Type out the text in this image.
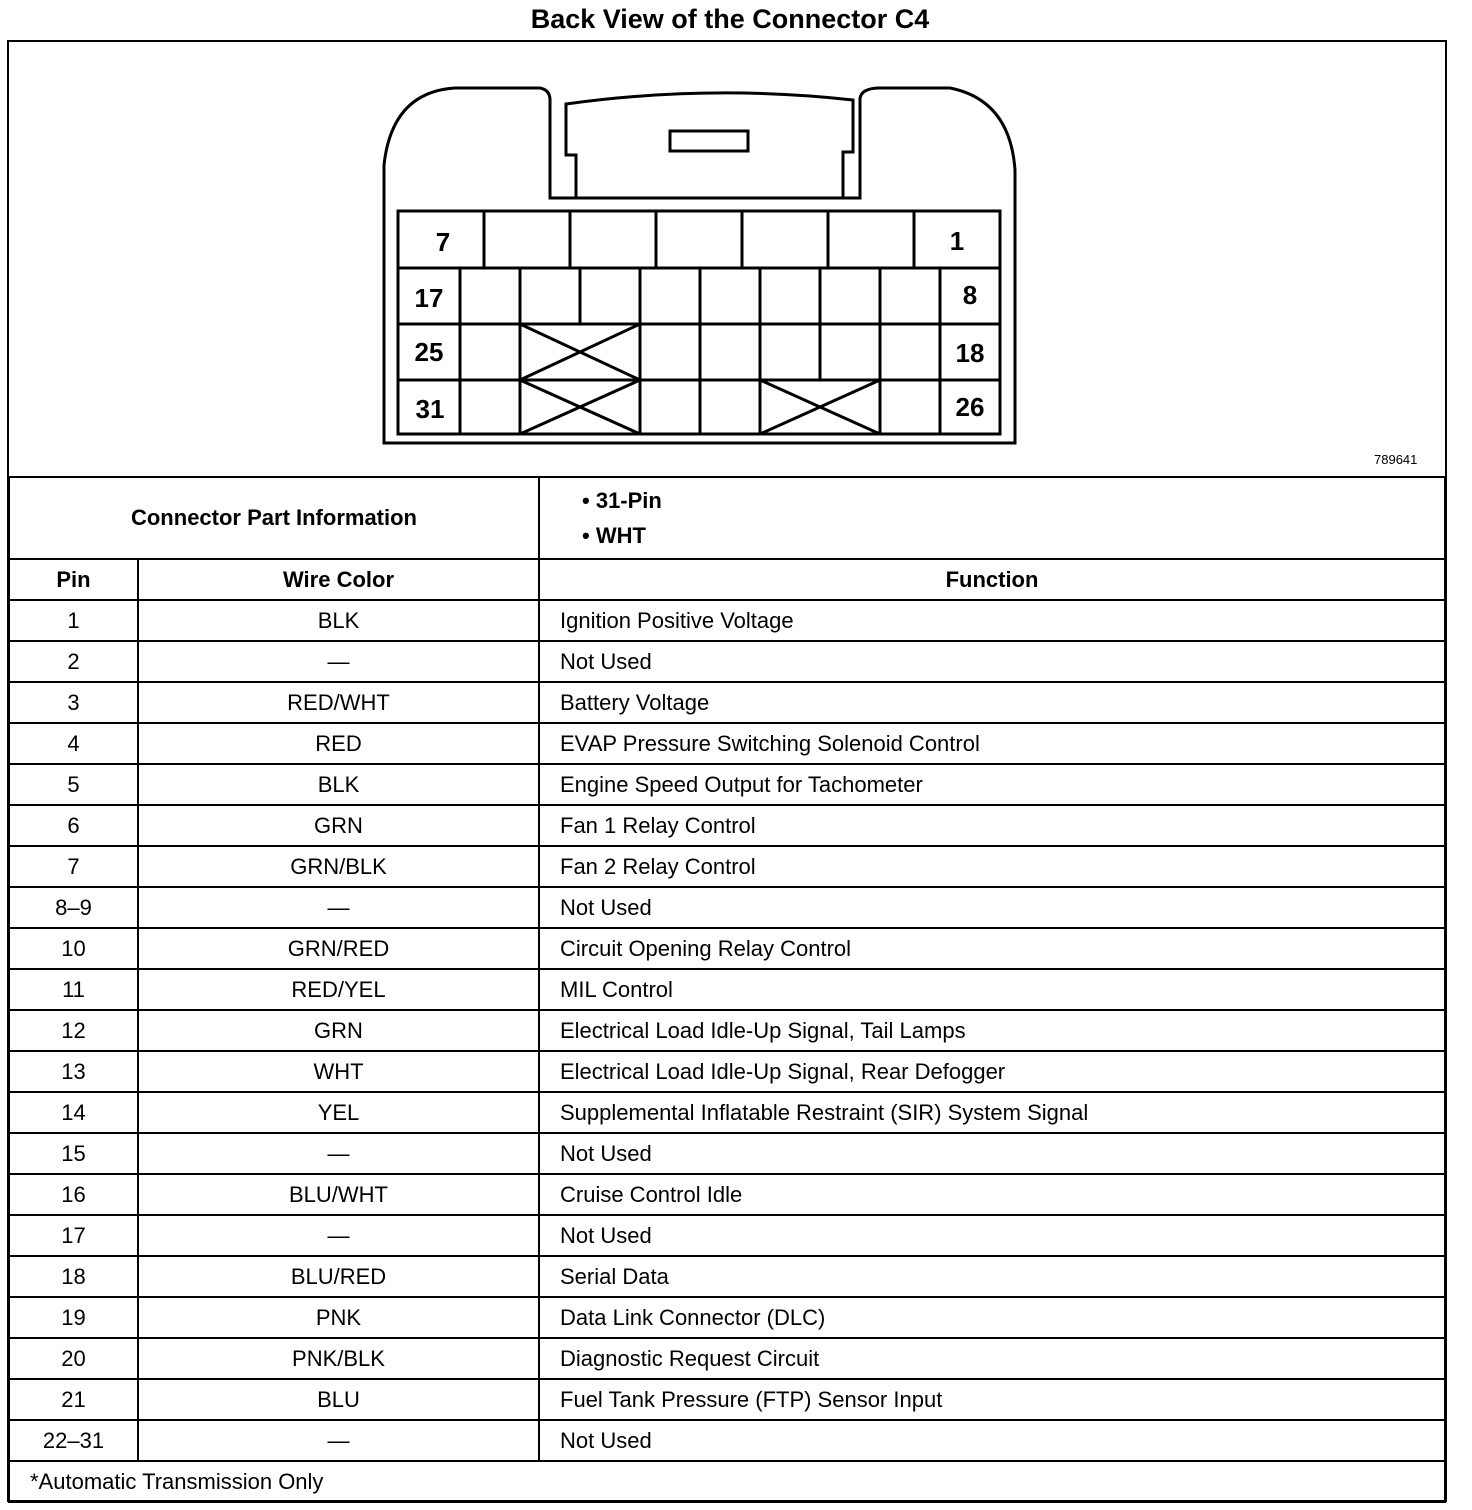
Back View of the Connector C4
7	1
17	8
25	18
31	26
789641
Connector Part Information		• 31-Pin
• WHT

Pin	Wire Color	Function
1	BLK	Ignition Positive Voltage
2	—	Not Used
3	RED/WHT	Battery Voltage
4	RED	EVAP Pressure Switching Solenoid Control
5	BLK	Engine Speed Output for Tachometer
6	GRN	Fan 1 Relay Control
7	GRN/BLK	Fan 2 Relay Control
8–9	—	Not Used
10	GRN/RED	Circuit Opening Relay Control
11	RED/YEL	MIL Control
12	GRN	Electrical Load Idle-Up Signal, Tail Lamps
13	WHT	Electrical Load Idle-Up Signal, Rear Defogger
14	YEL	Supplemental Inflatable Restraint (SIR) System Signal
15	—	Not Used
16	BLU/WHT	Cruise Control Idle
17	—	Not Used
18	BLU/RED	Serial Data
19	PNK	Data Link Connector (DLC)
20	PNK/BLK	Diagnostic Request Circuit
21	BLU	Fuel Tank Pressure (FTP) Sensor Input
22–31	—	Not Used
*Automatic Transmission Only		
